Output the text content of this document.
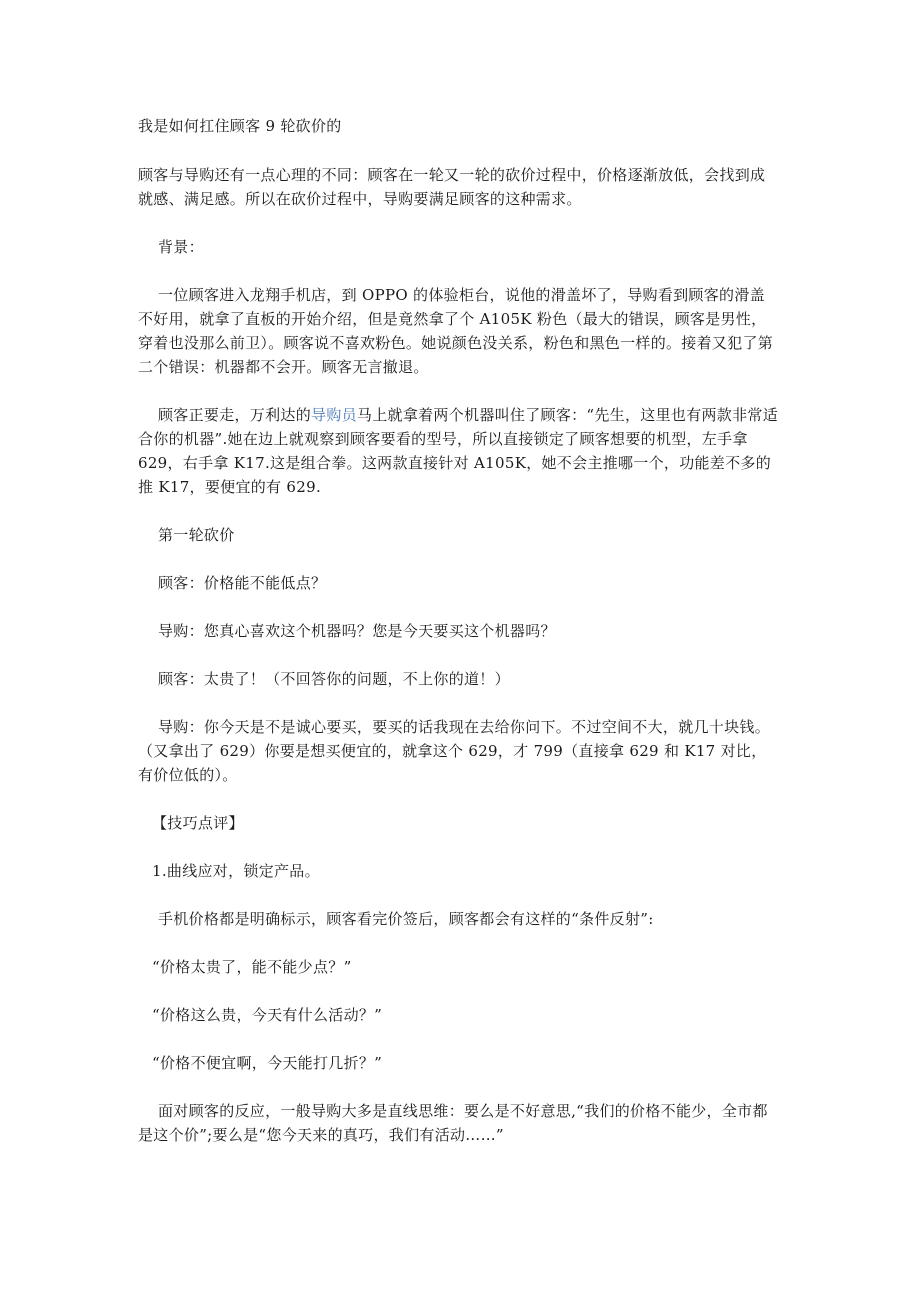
我是如何扛住顾客 9 轮砍价的

顾客与导购还有一点心理的不同：顾客在一轮又一轮的砍价过程中，价格逐渐放低，会找到成就感、满足感。所以在砍价过程中，导购要满足顾客的这种需求。

背景：

一位顾客进入龙翔手机店，到 OPPO 的体验柜台，说他的滑盖坏了，导购看到顾客的滑盖不好用，就拿了直板的开始介绍，但是竟然拿了个 A105K 粉色（最大的错误，顾客是男性，穿着也没那么前卫）。顾客说不喜欢粉色。她说颜色没关系，粉色和黑色一样的。接着又犯了第二个错误：机器都不会开。顾客无言撤退。

顾客正要走，万利达的导购员马上就拿着两个机器叫住了顾客：“先生，这里也有两款非常适合你的机器”.她在边上就观察到顾客要看的型号，所以直接锁定了顾客想要的机型，左手拿 629，右手拿 K17.这是组合拳。这两款直接针对 A105K，她不会主推哪一个，功能差不多的推 K17，要便宜的有 629.

第一轮砍价

顾客：价格能不能低点？

导购：您真心喜欢这个机器吗？您是今天要买这个机器吗？

顾客：太贵了！（不回答你的问题，不上你的道！）

导购：你今天是不是诚心要买，要买的话我现在去给你问下。不过空间不大，就几十块钱。（又拿出了 629）你要是想买便宜的，就拿这个 629，才 799（直接拿 629 和 K17 对比，有价位低的）。

【技巧点评】

1.曲线应对，锁定产品。

手机价格都是明确标示，顾客看完价签后，顾客都会有这样的“条件反射”:

“价格太贵了，能不能少点？”

“价格这么贵，今天有什么活动？”

“价格不便宜啊，今天能打几折？”

面对顾客的反应，一般导购大多是直线思维：要么是不好意思,“我们的价格不能少，全市都是这个价”;要么是“您今天来的真巧，我们有活动……”
